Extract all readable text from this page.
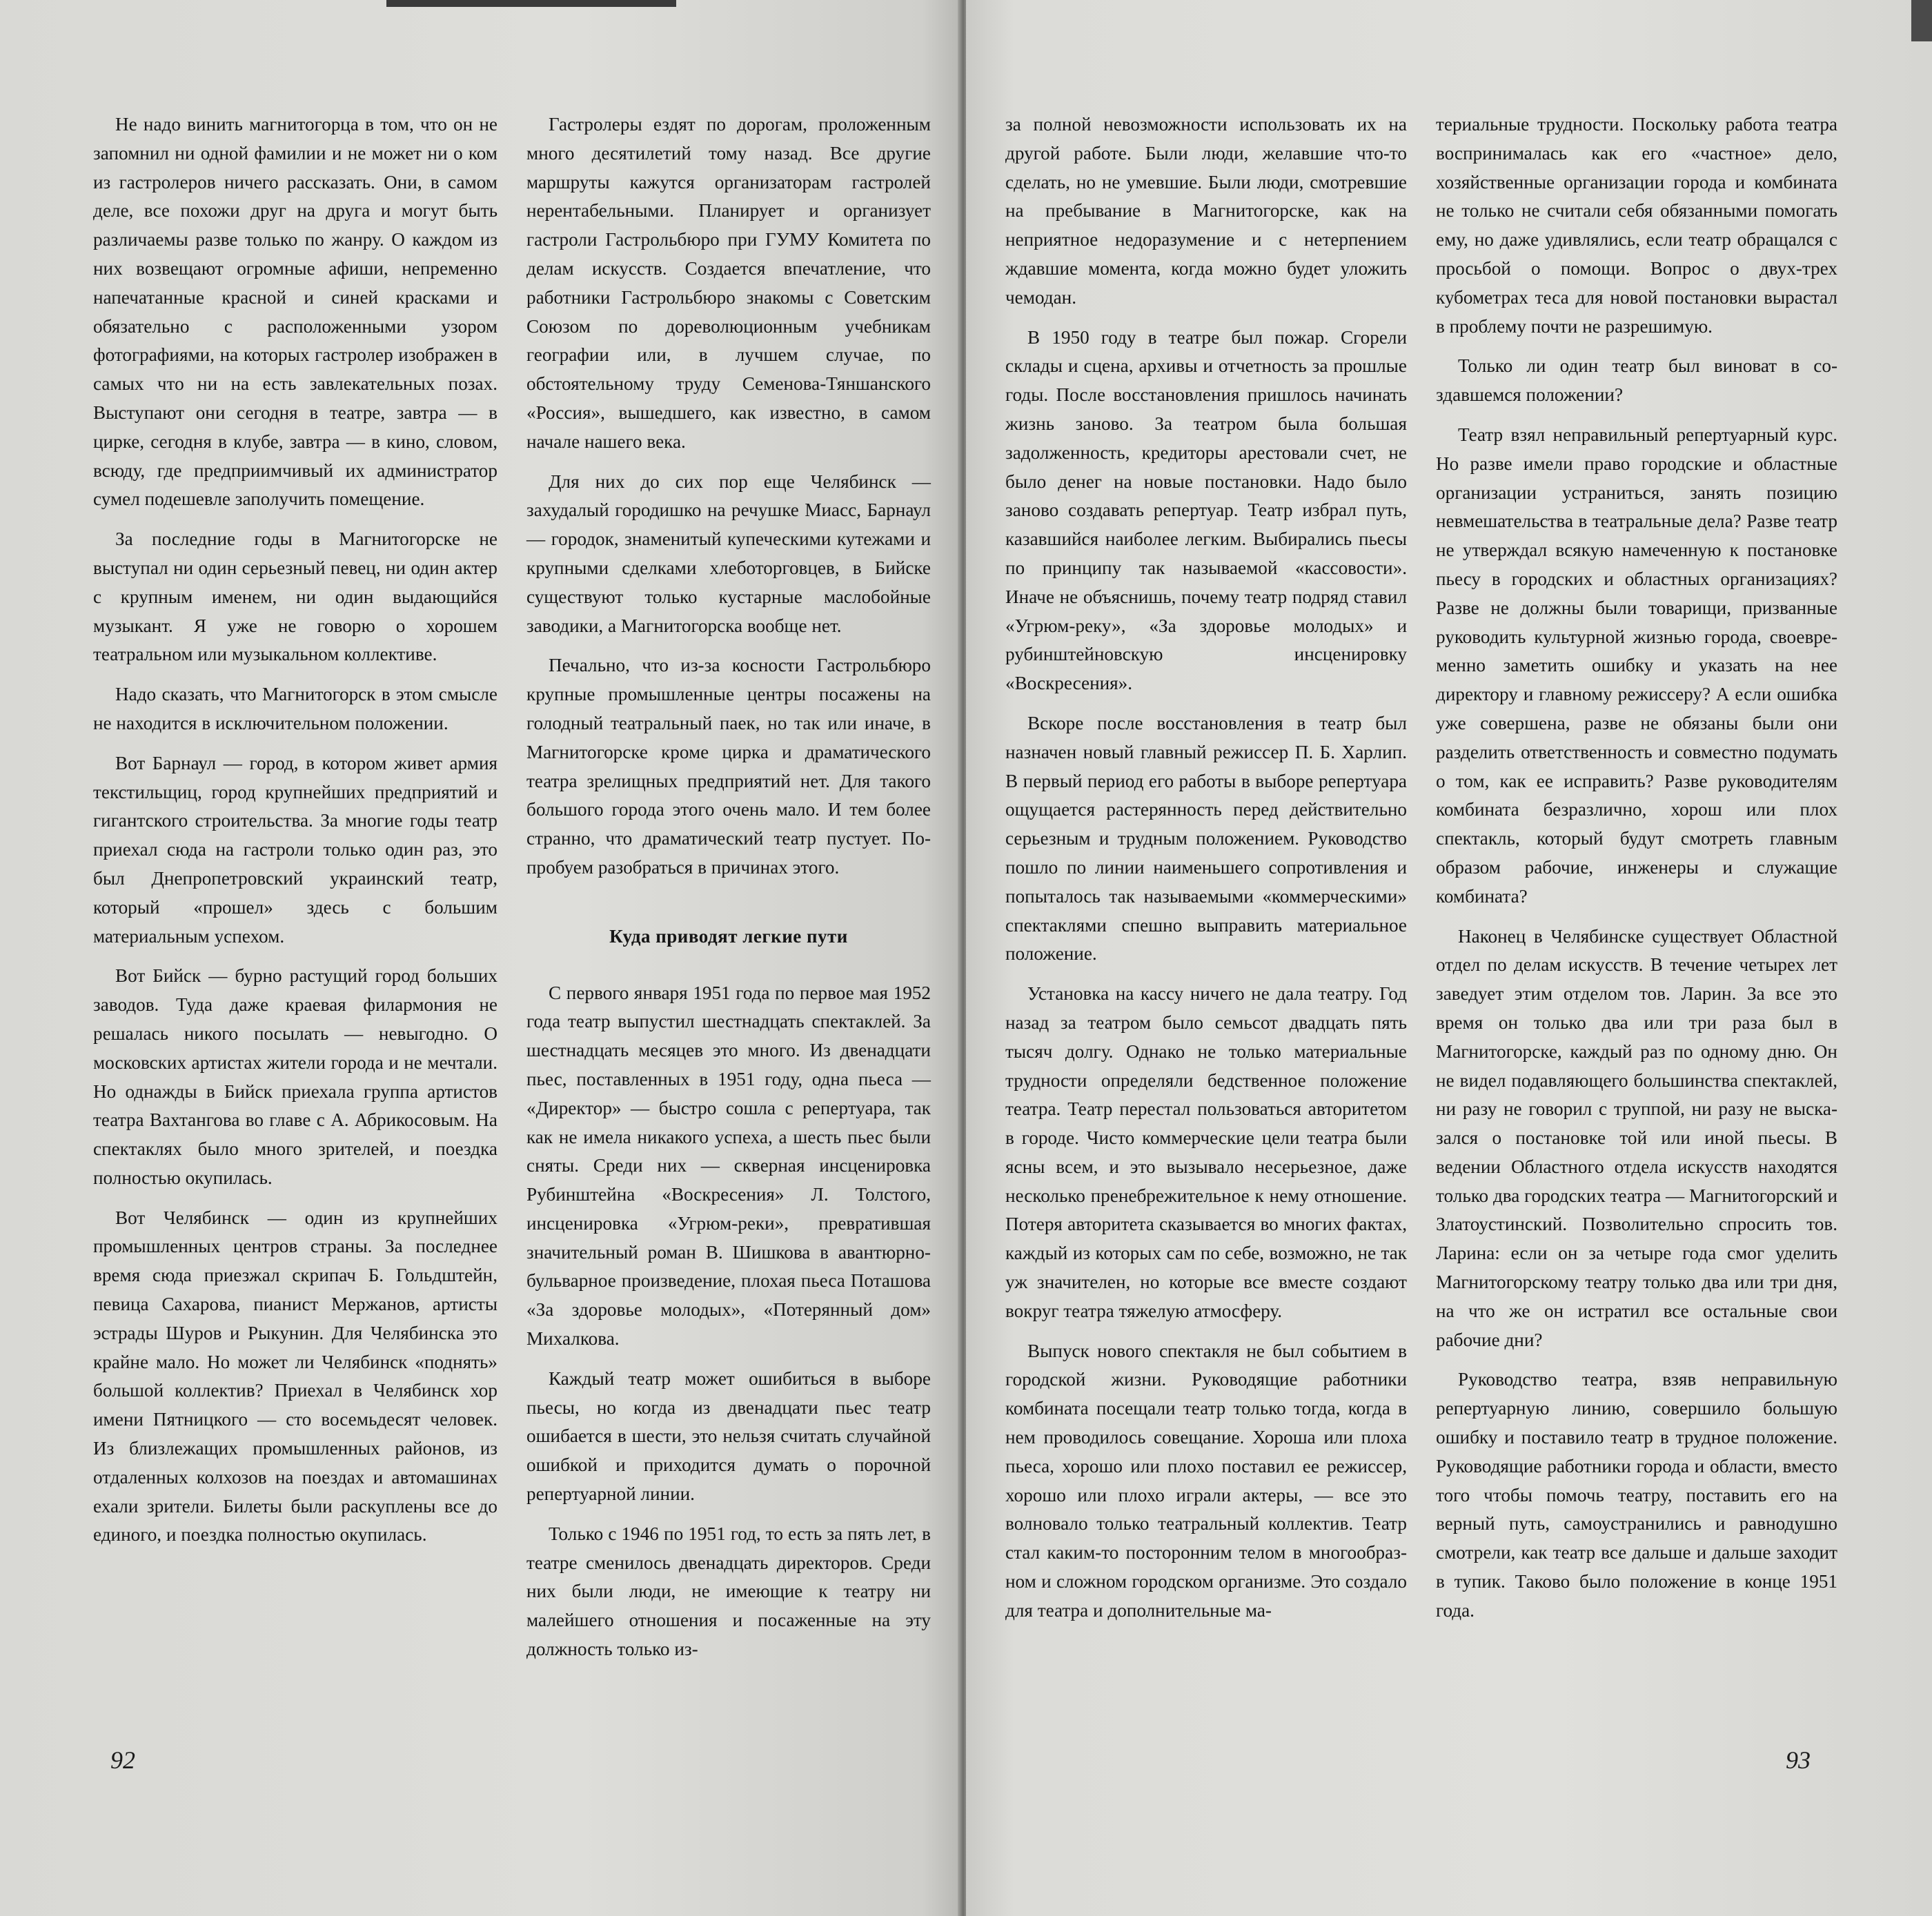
Не надо винить магнитогорца в том, что он не запомнил ни одной фамилии и не может ни о ком из гастролеров ничего рассказать. Они, в самом деле, все похожи друг на друга и могут быть различаемы разве только по жанру. О каждом из них возвещают огромные афиши, непременно напечатанные красной и синей красками и обязательно с расположенными узором фотографиями, на которых гастролер изображен в самых что ни на есть завлекательных позах. Выступают они сегодня в театре, завтра — в цирке, сегодня в клубе, завтра — в кино, словом, всюду, где предприимчивый их администратор сумел подешевле заполучить помещение.

За последние годы в Магнитогорске не выступал ни один серьезный певец, ни один актер с крупным именем, ни один выдающийся музыкант. Я уже не говорю о хорошем театральном или музыкальном коллективе.

Надо сказать, что Магнитогорск в этом смысле не находится в исключительном положении.

Вот Барнаул — город, в котором живет армия текстильщиц, город крупнейших предприятий и гигантского строительства. За многие годы театр приехал сюда на гастроли только один раз, это был Днепропетровский украинский театр, который «прошел» здесь с большим материальным успехом.

Вот Бийск — бурно растущий город больших заводов. Туда даже краевая филармония не решалась никого посылать — невыгодно. О московских артистах жители города и не мечтали. Но однажды в Бийск приехала группа артистов театра Вахтангова во главе с А. Абрикосовым. На спектаклях было много зрителей, и поездка полностью окупилась.

Вот Челябинск — один из крупнейших промышленных центров страны. За последнее время сюда приезжал скрипач Б. Гольдштейн, певица Сахарова, пианист Мержанов, артисты эстрады Шуров и Рыкунин. Для Челябинска это крайне мало. Но может ли Челябинск «поднять» большой коллектив? Приехал в Челябинск хор имени Пятницкого — сто восемьдесят человек. Из близлежащих промышленных районов, из отдаленных колхозов на поездах и автомашинах ехали зрители. Билеты были раскуплены все до единого, и поездка полностью окупилась.

Гастролеры ездят по дорогам, проложенным много десятилетий тому назад. Все другие маршруты кажутся организаторам гастролей нерентабельными. Планирует и организует гастроли Гастрольбюро при ГУМУ Комитета по делам искусств. Создается впечатление, что работники Гастрольбюро знакомы с Советским Союзом по дореволюционным учебникам географии или, в лучшем случае, по обстоятельному труду Семенова-Тяншанского «Россия», вышедшего, как известно, в самом начале нашего века.

Для них до сих пор еще Челябинск — захудалый городишко на речушке Миасс, Барнаул — городок, знаменитый купеческими кутежами и крупными сделками хлеботорговцев, в Бийске существуют только кустарные маслобойные заводики, а Магнитогорска вообще нет.

Печально, что из-за косности Гастрольбюро крупные промышленные центры посажены на голодный театральный паек, но так или иначе, в Магнитогорске кроме цирка и драматического театра зрелищных предприятий нет. Для такого большого города этого очень мало. И тем более странно, что драматический театр пустует. Попробуем разобраться в причинах этого.

Куда приводят легкие пути

С первого января 1951 года по первое мая 1952 года театр выпустил шестнадцать спектаклей. За шестнадцать месяцев это много. Из двенадцати пьес, поставленных в 1951 году, одна пьеса — «Директор» — быстро сошла с репертуара, так как не имела никакого успеха, а шесть пьес были сняты. Среди них — скверная инсценировка Рубинштейна «Воскресения» Л. Толстого, инсценировка «Угрюм-реки», превратившая значительный роман В. Шишкова в авантюрно-бульварное произведение, плохая пьеса Поташова «За здоровье молодых», «Потерянный дом» Михалкова.

Каждый театр может ошибиться в выборе пьесы, но когда из двенадцати пьес театр ошибается в шести, это нельзя считать случайной ошибкой и приходится думать о порочной репертуарной линии.

Только с 1946 по 1951 год, то есть за пять лет, в театре сменилось двенадцать директоров. Среди них были люди, не имеющие к театру ни малейшего отношения и посаженные на эту должность только из-

92

за полной невозможности использовать их на другой работе. Были люди, желавшие что-то сделать, но не умевшие. Были люди, смотревшие на пребывание в Магнитогорске, как на неприятное недоразумение и с нетерпением ждавшие момента, когда можно будет уложить чемодан.

В 1950 году в театре был пожар. Сгорели склады и сцена, архивы и отчетность за прошлые годы. После восстановления пришлось начинать жизнь заново. За театром была большая задолженность, кредиторы арестовали счет, не было денег на новые постановки. Надо было заново создавать репертуар. Театр избрал путь, казавшийся наиболее легким. Выбирались пьесы по принципу так называемой «кассовости». Иначе не объяснишь, почему театр подряд ставил «Угрюм-реку», «За здоровье молодых» и рубинштейновскую инсценировку «Воскресения».

Вскоре после восстановления в театр был назначен новый главный режиссер П. Б. Харлип. В первый период его работы в выборе репертуара ощущается растерянность перед действительно серьезным и трудным положением. Руководство пошло по линии наименьшего сопротивления и попыталось так называемыми «коммерческими» спектаклями спешно выправить материальное положение.

Установка на кассу ничего не дала театру. Год назад за театром было семьсот двадцать пять тысяч долгу. Однако не только материальные трудности определяли бедственное положение театра. Театр перестал пользоваться авторитетом в городе. Чисто коммерческие цели театра были ясны всем, и это вызывало несерьезное, даже несколько пренебрежительное к нему отношение. Потеря авторитета сказывается во многих фактах, каждый из которых сам по себе, возможно, не так уж значителен, но которые все вместе создают вокруг театра тяжелую атмосферу.

Выпуск нового спектакля не был событием в городской жизни. Руководящие работники комбината посещали театр только тогда, когда в нем проводилось совещание. Хороша или плоха пьеса, хорошо или плохо поставил ее режиссер, хорошо или плохо играли актеры, — все это волновало только театральный коллектив. Театр стал каким-то посторонним телом в многообразном и сложном городском организме. Это создало для театра и дополнительные ма-

териальные трудности. Поскольку работа театра воспринималась как его «частное» дело, хозяйственные организации города и комбината не только не считали себя обязанными помогать ему, но даже удивлялись, если театр обращался с просьбой о помощи. Вопрос о двух-трех кубометрах теса для новой постановки вырастал в проблему почти не разрешимую.

Только ли один театр был виноват в создавшемся положении?

Театр взял неправильный репертуарный курс. Но разве имели право городские и областные организации устраниться, занять позицию невмешательства в театральные дела? Разве театр не утверждал всякую намеченную к постановке пьесу в городских и областных организациях? Разве не должны были товарищи, призванные руководить культурной жизнью города, своевременно заметить ошибку и указать на нее директору и главному режиссеру? А если ошибка уже совершена, разве не обязаны были они разделить ответственность и совместно подумать о том, как ее исправить? Разве руководителям комбината безразлично, хорош или плох спектакль, который будут смотреть главным образом рабочие, инженеры и служащие комбината?

Наконец в Челябинске существует Областной отдел по делам искусств. В течение четырех лет заведует этим отделом тов. Ларин. За все это время он только два или три раза был в Магнитогорске, каждый раз по одному дню. Он не видел подавляющего большинства спектаклей, ни разу не говорил с труппой, ни разу не высказался о постановке той или иной пьесы. В ведении Областного отдела искусств находятся только два городских театра — Магнитогорский и Златоустинский. Позволительно спросить тов. Ларина: если он за четыре года смог уделить Магнитогорскому театру только два или три дня, на что же он истратил все остальные свои рабочие дни?

Руководство театра, взяв неправильную репертуарную линию, совершило большую ошибку и поставило театр в трудное положение. Руководящие работники города и области, вместо того чтобы помочь театру, поставить его на верный путь, самоустранились и равнодушно смотрели, как театр все дальше и дальше заходит в тупик. Таково было положение в конце 1951 года.

93
